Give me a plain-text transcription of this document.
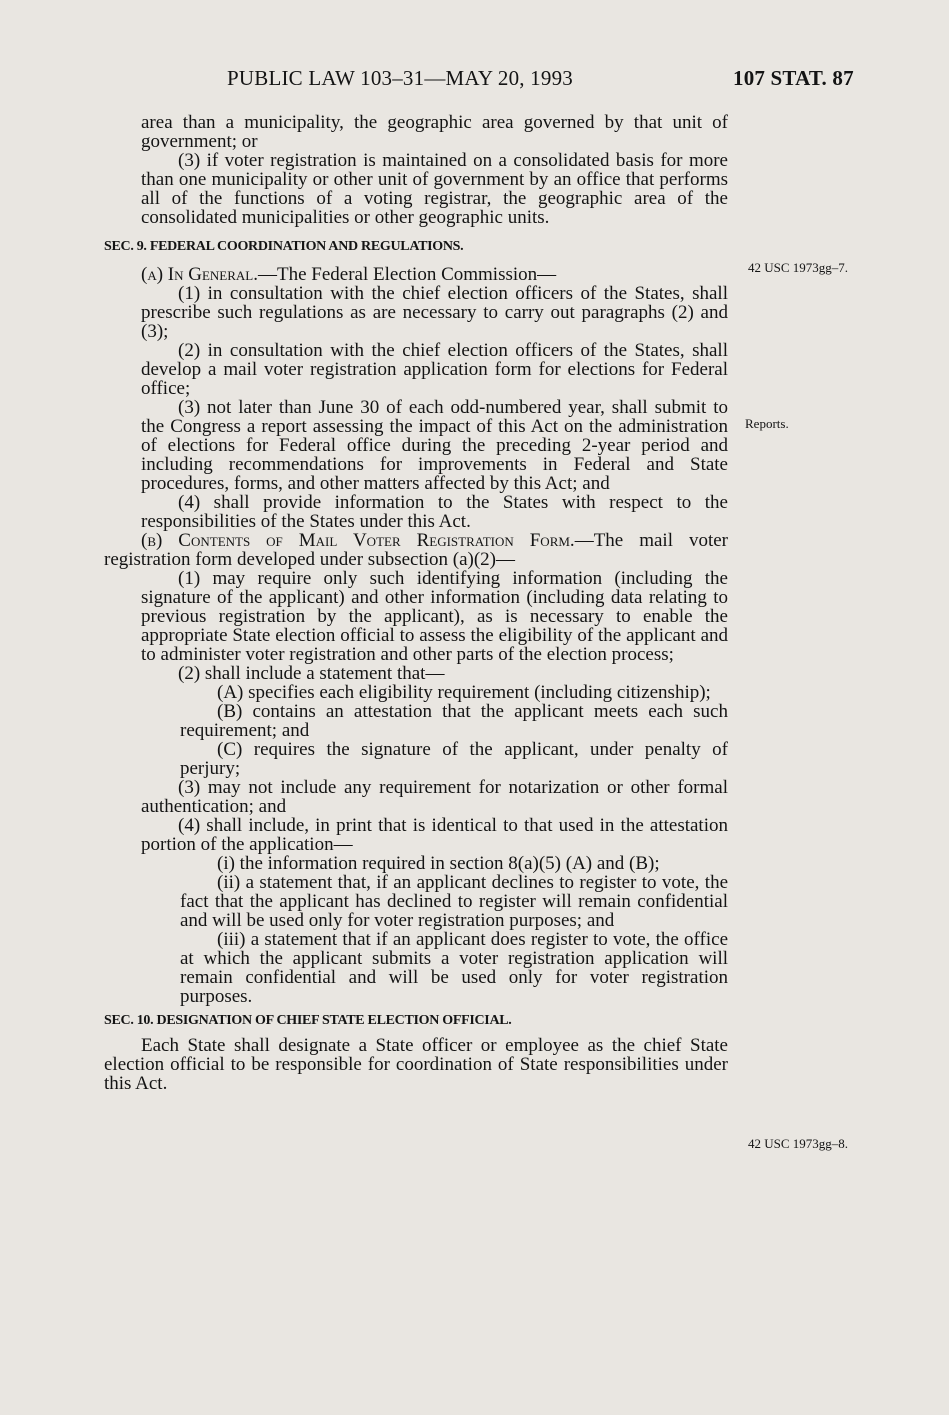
PUBLIC LAW 103–31—MAY 20, 1993	107 STAT. 87
42 USC 1973gg–7.
Reports.
42 USC 1973gg–8.

area than a municipality, the geographic area governed by that unit of government; or

(3) if voter registration is maintained on a consolidated basis for more than one municipality or other unit of government by an office that performs all of the functions of a voting registrar, the geographic area of the consolidated municipalities or other geographic units.

SEC. 9. FEDERAL COORDINATION AND REGULATIONS.

(a) In General.—The Federal Election Commission—

(1) in consultation with the chief election officers of the States, shall prescribe such regulations as are necessary to carry out paragraphs (2) and (3);

(2) in consultation with the chief election officers of the States, shall develop a mail voter registration application form for elections for Federal office;

(3) not later than June 30 of each odd-numbered year, shall submit to the Congress a report assessing the impact of this Act on the administration of elections for Federal office during the preceding 2-year period and including recommendations for improvements in Federal and State procedures, forms, and other matters affected by this Act; and

(4) shall provide information to the States with respect to the responsibilities of the States under this Act.

(b) Contents of Mail Voter Registration Form.—The mail voter registration form developed under subsection (a)(2)—

(1) may require only such identifying information (including the signature of the applicant) and other information (including data relating to previous registration by the applicant), as is necessary to enable the appropriate State election official to assess the eligibility of the applicant and to administer voter registration and other parts of the election process;

(2) shall include a statement that—

(A) specifies each eligibility requirement (including citizenship);

(B) contains an attestation that the applicant meets each such requirement; and

(C) requires the signature of the applicant, under penalty of perjury;

(3) may not include any requirement for notarization or other formal authentication; and

(4) shall include, in print that is identical to that used in the attestation portion of the application—

(i) the information required in section 8(a)(5) (A) and (B);

(ii) a statement that, if an applicant declines to register to vote, the fact that the applicant has declined to register will remain confidential and will be used only for voter registration purposes; and

(iii) a statement that if an applicant does register to vote, the office at which the applicant submits a voter registration application will remain confidential and will be used only for voter registration purposes.

SEC. 10. DESIGNATION OF CHIEF STATE ELECTION OFFICIAL.

Each State shall designate a State officer or employee as the chief State election official to be responsible for coordination of State responsibilities under this Act.
